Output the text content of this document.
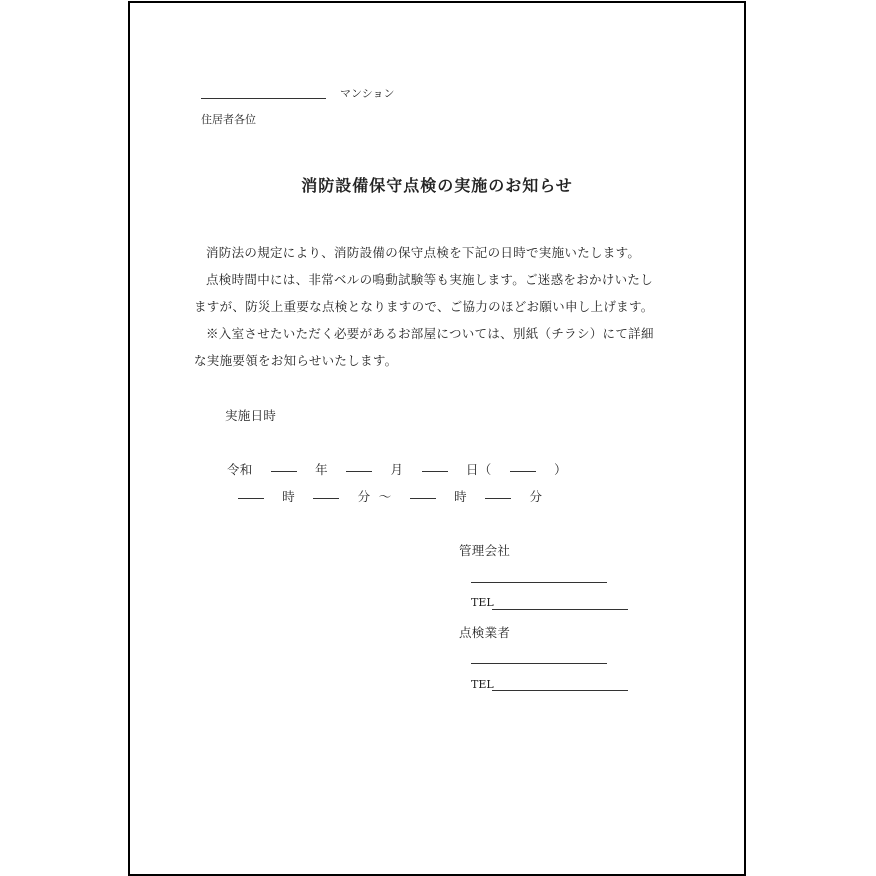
マンション
住居者各位
消防設備保守点検の実施のお知らせ
消防法の規定により、消防設備の保守点検を下記の日時で実施いたします。
点検時間中には、非常ベルの鳴動試験等も実施します。ご迷惑をおかけいたし
ますが、防災上重要な点検となりますので、ご協力のほどお願い申し上げます。
※入室させたいただく必要があるお部屋については、別紙（チラシ）にて詳細
な実施要領をお知らせいたします。
実施日時
令和	年	月	日（	）
時	分 ～	時	分
管理会社
TEL
点検業者
TEL
